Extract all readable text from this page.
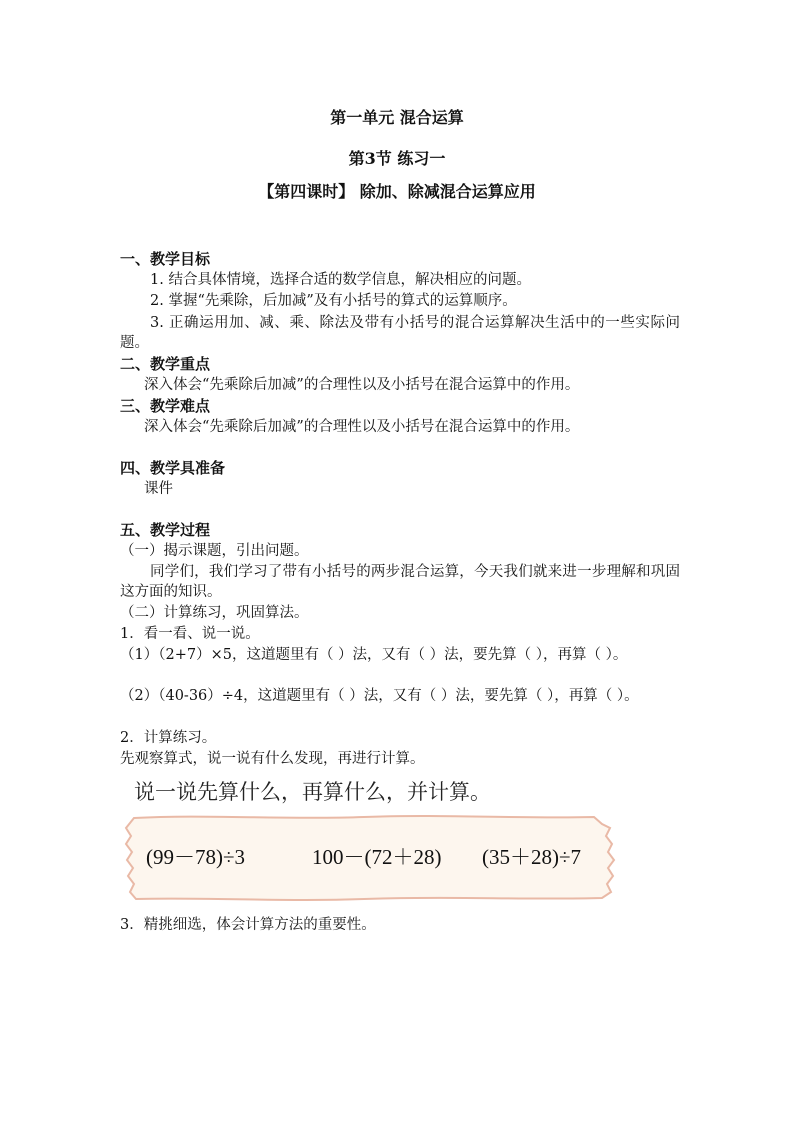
第一单元 混合运算
第3节 练习一
【第四课时】 除加、除减混合运算应用
一、教学目标
1. 结合具体情境，选择合适的数学信息，解决相应的问题。
2. 掌握“先乘除，后加减”及有小括号的算式的运算顺序。
3. 正确运用加、减、乘、除法及带有小括号的混合运算解决生活中的一些实际问题。
二、教学重点
深入体会“先乘除后加减”的合理性以及小括号在混合运算中的作用。
三、教学难点
深入体会“先乘除后加减”的合理性以及小括号在混合运算中的作用。
四、教学具准备
课件
五、教学过程
（一）揭示课题，引出问题。
同学们，我们学习了带有小括号的两步混合运算，今天我们就来进一步理解和巩固这方面的知识。
（二）计算练习，巩固算法。
1．看一看、说一说。
（1）（2+7）×5，这道题里有（ ）法，又有（ ）法，要先算（ ），再算（ ）。
（2）（40-36）÷4，这道题里有（ ）法，又有（ ）法，要先算（ ），再算（ ）。
2．计算练习。
先观察算式，说一说有什么发现，再进行计算。
说一说先算什么，再算什么，并计算。
(99－78)÷3	100－(72＋28) (35＋28)÷7
3．精挑细选，体会计算方法的重要性。
